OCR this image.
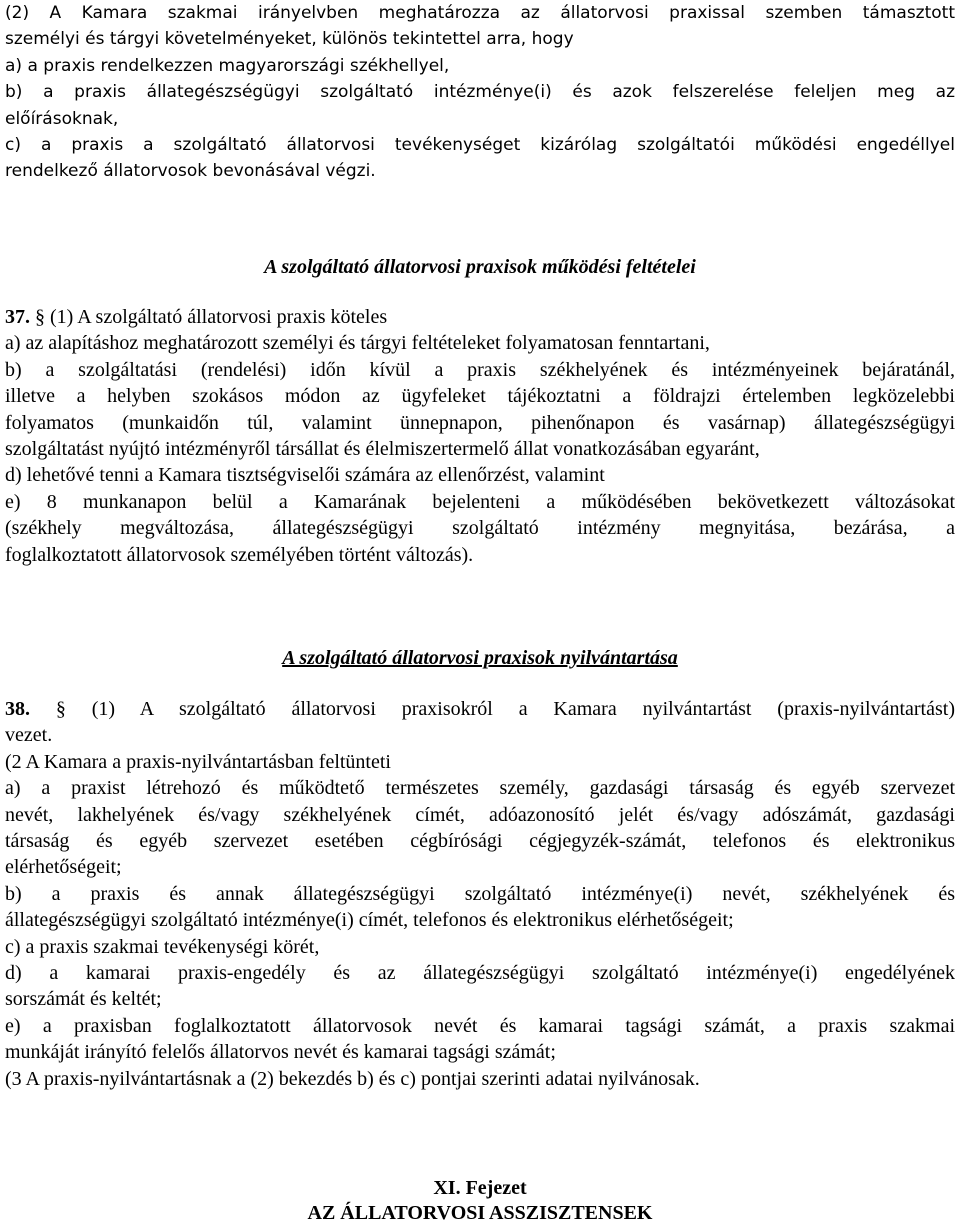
(2) A Kamara szakmai irányelvben meghatározza az állatorvosi praxissal szemben támasztott
személyi és tárgyi követelményeket, különös tekintettel arra, hogy
a) a praxis rendelkezzen magyarországi székhellyel,
b) a praxis állategészségügyi szolgáltató intézménye(i) és azok felszerelése feleljen meg az
előírásoknak,
c) a praxis a szolgáltató állatorvosi tevékenységet kizárólag szolgáltatói működési engedéllyel
rendelkező állatorvosok bevonásával végzi.
A szolgáltató állatorvosi praxisok működési feltételei
37. § (1) A szolgáltató állatorvosi praxis köteles
a) az alapításhoz meghatározott személyi és tárgyi feltételeket folyamatosan fenntartani,
b) a szolgáltatási (rendelési) időn kívül a praxis székhelyének és intézményeinek bejáratánál,
illetve a helyben szokásos módon az ügyfeleket tájékoztatni a földrajzi értelemben legközelebbi
folyamatos (munkaidőn túl, valamint ünnepnapon, pihenőnapon és vasárnap) állategészségügyi
szolgáltatást nyújtó intézményről társállat és élelmiszertermelő állat vonatkozásában egyaránt,
d) lehetővé tenni a Kamara tisztségviselői számára az ellenőrzést, valamint
e) 8 munkanapon belül a Kamarának bejelenteni a működésében bekövetkezett változásokat
(székhely megváltozása, állategészségügyi szolgáltató intézmény megnyitása, bezárása, a
foglalkoztatott állatorvosok személyében történt változás).
A szolgáltató állatorvosi praxisok nyilvántartása
38. § (1) A szolgáltató állatorvosi praxisokról a Kamara nyilvántartást (praxis-nyilvántartást)
vezet.
(2 A Kamara a praxis-nyilvántartásban feltünteti
a) a praxist létrehozó és működtető természetes személy, gazdasági társaság és egyéb szervezet
nevét, lakhelyének és/vagy székhelyének címét, adóazonosító jelét és/vagy adószámát, gazdasági
társaság és egyéb szervezet esetében cégbírósági cégjegyzék-számát, telefonos és elektronikus
elérhetőségeit;
b) a praxis és annak állategészségügyi szolgáltató intézménye(i) nevét, székhelyének és
állategészségügyi szolgáltató intézménye(i) címét, telefonos és elektronikus elérhetőségeit;
c) a praxis szakmai tevékenységi körét,
d) a kamarai praxis-engedély és az állategészségügyi szolgáltató intézménye(i) engedélyének
sorszámát és keltét;
e) a praxisban foglalkoztatott állatorvosok nevét és kamarai tagsági számát, a praxis szakmai
munkáját irányító felelős állatorvos nevét és kamarai tagsági számát;
(3 A praxis-nyilvántartásnak a (2) bekezdés b) és c) pontjai szerinti adatai nyilvánosak.
XI. Fejezet
AZ ÁLLATORVOSI ASSZISZTENSEK
